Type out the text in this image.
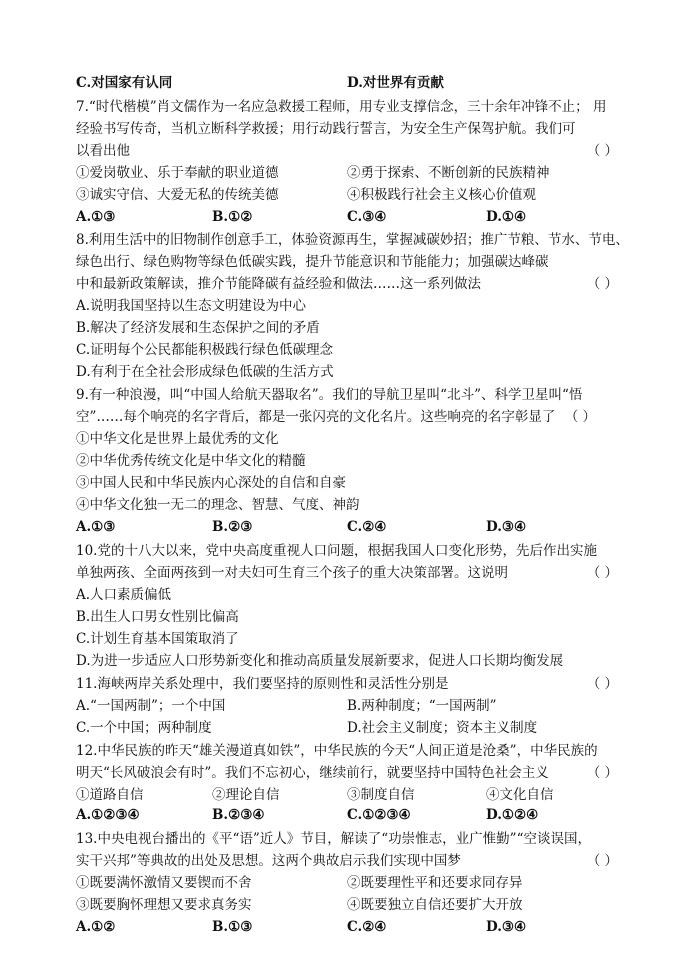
C.对国家有认同	D.对世界有贡献
7.“时代楷模”肖文儒作为一名应急救援工程师，用专业支撑信念，三十余年冲锋不止； 用
经验书写传奇，当机立断科学救援；用行动践行誓言，为安全生产保驾护航。我们可
以看出他	（ ）
①爱岗敬业、乐于奉献的职业道德	②勇于探索、不断创新的民族精神
③诚实守信、大爱无私的传统美德	④积极践行社会主义核心价值观
A.①③	B.①②	C.③④	D.①④
8.利用生活中的旧物制作创意手工，体验资源再生，掌握减碳妙招；推广节粮、节水、节电、
绿色出行、绿色购物等绿色低碳实践，提升节能意识和节能能力；加强碳达峰碳
中和最新政策解读，推介节能降碳有益经验和做法……这一系列做法	（ ）
A.说明我国坚持以生态文明建设为中心
B.解决了经济发展和生态保护之间的矛盾
C.证明每个公民都能积极践行绿色低碳理念
D.有利于在全社会形成绿色低碳的生活方式
9.有一种浪漫，叫“中国人给航天器取名”。我们的导航卫星叫“北斗”、科学卫星叫“悟
空”……每个响亮的名字背后，都是一张闪亮的文化名片。这些响亮的名字彰显了 （ ）
①中华文化是世界上最优秀的文化
②中华优秀传统文化是中华文化的精髓
③中国人民和中华民族内心深处的自信和自豪
④中华文化独一无二的理念、智慧、气度、神韵
A.①③	B.②③	C.②④	D.③④
10.党的十八大以来，党中央高度重视人口问题，根据我国人口变化形势，先后作出实施
单独两孩、全面两孩到一对夫妇可生育三个孩子的重大决策部署。这说明	（ ）
A.人口素质偏低
B.出生人口男女性别比偏高
C.计划生育基本国策取消了
D.为进一步适应人口形势新变化和推动高质量发展新要求，促进人口长期均衡发展
11.海峡两岸关系处理中，我们要坚持的原则性和灵活性分别是	（ ）
A.“一国两制”；一个中国	B.两种制度；“一国两制”
C.一个中国；两种制度	D.社会主义制度；资本主义制度
12.中华民族的昨天“雄关漫道真如铁”，中华民族的今天“人间正道是沧桑”，中华民族的
明天“长风破浪会有时”。我们不忘初心，继续前行，就要坚持中国特色社会主义	（ ）
①道路自信	②理论自信	③制度自信	④文化自信
A.①②③④	B.②③④	C.①②③④	D.①②④
13.中央电视台播出的《平“语”近人》节目，解读了“功崇惟志，业广惟勤”“空谈误国，
实干兴邦”等典故的出处及思想。这两个典故启示我们实现中国梦	（ ）
①既要满怀激情又要锲而不舍	②既要理性平和还要求同存异
③既要胸怀理想又要求真务实	④既要独立自信还要扩大开放
A.①②	B.①③	C.②④	D.③④
